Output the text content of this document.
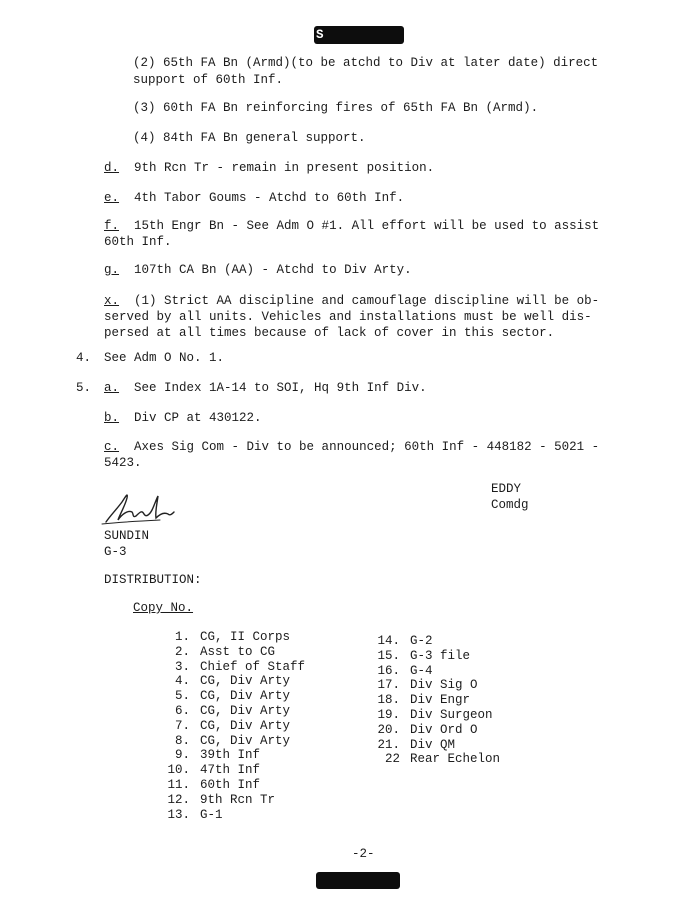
S
(2) 65th FA Bn (Armd)(to be atchd to Div at later date) direct
support of 60th Inf.
(3) 60th FA Bn reinforcing fires of 65th FA Bn (Armd).
(4) 84th FA Bn general support.
d. 9th Rcn Tr - remain in present position.
e. 4th Tabor Goums - Atchd to 60th Inf.
f. 15th Engr Bn - See Adm O #1. All effort will be used to assist
60th Inf.
g. 107th CA Bn (AA) - Atchd to Div Arty.
x. (1) Strict AA discipline and camouflage discipline will be ob-
served by all units. Vehicles and installations must be well dis-
persed at all times because of lack of cover in this sector.
4. See Adm O No. 1.
5. a. See Index 1A-14 to SOI, Hq 9th Inf Div.
b. Div CP at 430122.
c. Axes Sig Com - Div to be announced; 60th Inf - 448182 - 5021 -
5423.
EDDY
Comdg
SUNDIN
G-3
DISTRIBUTION:
Copy No.
1. CG, II Corps
2. Asst to CG
3. Chief of Staff
4. CG, Div Arty
5. CG, Div Arty
6. CG, Div Arty
7. CG, Div Arty
8. CG, Div Arty
9. 39th Inf
10. 47th Inf
11. 60th Inf
12. 9th Rcn Tr
13. G-1
14. G-2
15. G-3 file
16. G-4
17. Div Sig O
18. Div Engr
19. Div Surgeon
20. Div Ord O
21. Div QM
22 Rear Echelon
-2-
